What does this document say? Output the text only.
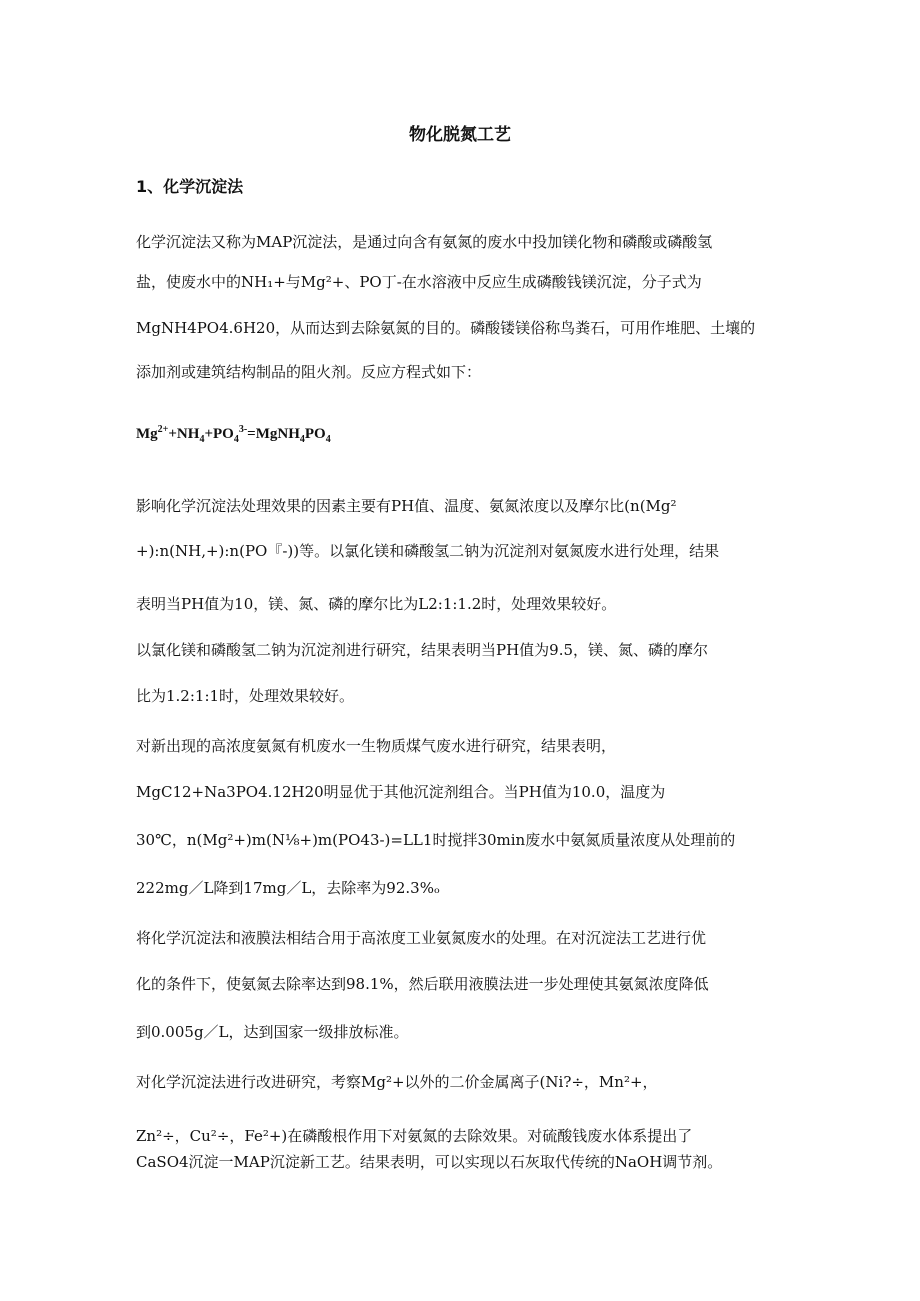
物化脱氮工艺
1、化学沉淀法
化学沉淀法又称为MAP沉淀法，是通过向含有氨氮的废水中投加镁化物和磷酸或磷酸氢
盐，使废水中的NH₁+与Mg²+、PO丁-在水溶液中反应生成磷酸钱镁沉淀，分子式为
MgNH4PO4.6H20，从而达到去除氨氮的目的。磷酸镂镁俗称鸟粪石，可用作堆肥、土壤的
添加剂或建筑结构制品的阻火剂。反应方程式如下：
$Mg^{2+}+NH_4+PO_4^{3-}=MgNH_4PO_4$
影响化学沉淀法处理效果的因素主要有PH值、温度、氨氮浓度以及摩尔比(n(Mg²
+):n(NH,+):n(PO『-))等。以氯化镁和磷酸氢二钠为沉淀剂对氨氮废水进行处理，结果
表明当PH值为10，镁、氮、磷的摩尔比为L2:1:1.2时，处理效果较好。
以氯化镁和磷酸氢二钠为沉淀剂进行研究，结果表明当PH值为9.5，镁、氮、磷的摩尔
比为1.2:1:1时，处理效果较好。
对新出现的高浓度氨氮有机废水一生物质煤气废水进行研究，结果表明，
MgC12+Na3PO4.12H20明显优于其他沉淀剂组合。当PH值为10.0，温度为
30℃，n(Mg²+)m(N⅛+)m(PO43-)=LL1时搅拌30min废水中氨氮质量浓度从处理前的
222mg／L降到17mg／L，去除率为92.3%ₒ
将化学沉淀法和液膜法相结合用于高浓度工业氨氮废水的处理。在对沉淀法工艺进行优
化的条件下，使氨氮去除率达到98.1%，然后联用液膜法进一步处理使其氨氮浓度降低
到0.005g／L，达到国家一级排放标准。
对化学沉淀法进行改进研究，考察Mg²+以外的二价金属离子(Ni?÷，Mn²+，
Zn²÷，Cu²÷，Fe²+)在磷酸根作用下对氨氮的去除效果。对硫酸钱废水体系提出了
CaSO4沉淀一MAP沉淀新工艺。结果表明，可以实现以石灰取代传统的NaOH调节剂。
